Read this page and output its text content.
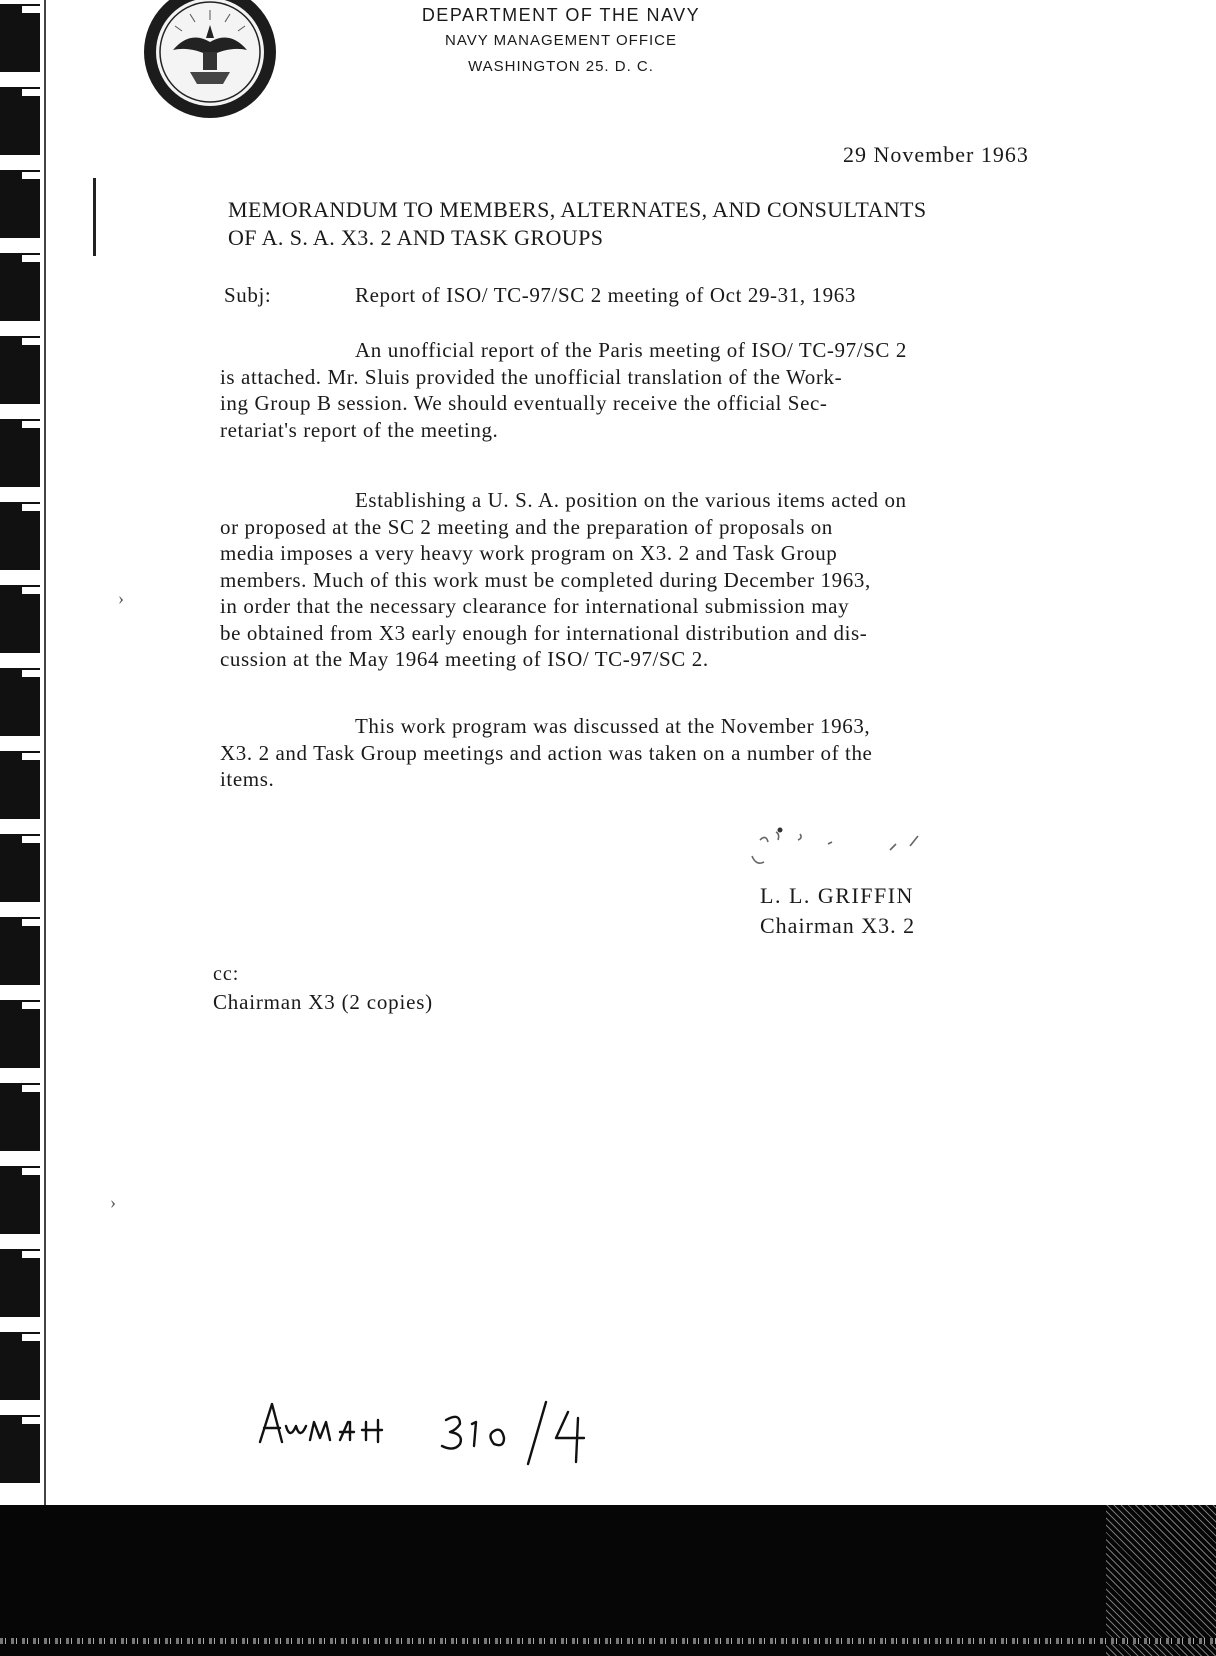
DEPARTMENT OF THE NAVY
NAVY MANAGEMENT OFFICE
WASHINGTON 25. D. C.
29 November 1963
MEMORANDUM TO MEMBERS, ALTERNATES, AND CONSULTANTS
OF A. S. A. X3. 2 AND TASK GROUPS
Subj:	Report of ISO/ TC-97/SC 2 meeting of Oct 29-31, 1963
An unofficial report of the Paris meeting of ISO/ TC-97/SC 2
is attached. Mr. Sluis provided the unofficial translation of the Work-
ing Group B session. We should eventually receive the official Sec-
retariat's report of the meeting.
Establishing a U. S. A. position on the various items acted on
or proposed at the SC 2 meeting and the preparation of proposals on
media imposes a very heavy work program on X3. 2 and Task Group
members. Much of this work must be completed during December 1963,
in order that the necessary clearance for international submission may
be obtained from X3 early enough for international distribution and dis-
cussion at the May 1964 meeting of ISO/ TC-97/SC 2.
This work program was discussed at the November 1963,
X3. 2 and Task Group meetings and action was taken on a number of the
items.
L. L. GRIFFIN
Chairman X3. 2
cc:
Chairman X3 (2 copies)
›
›
